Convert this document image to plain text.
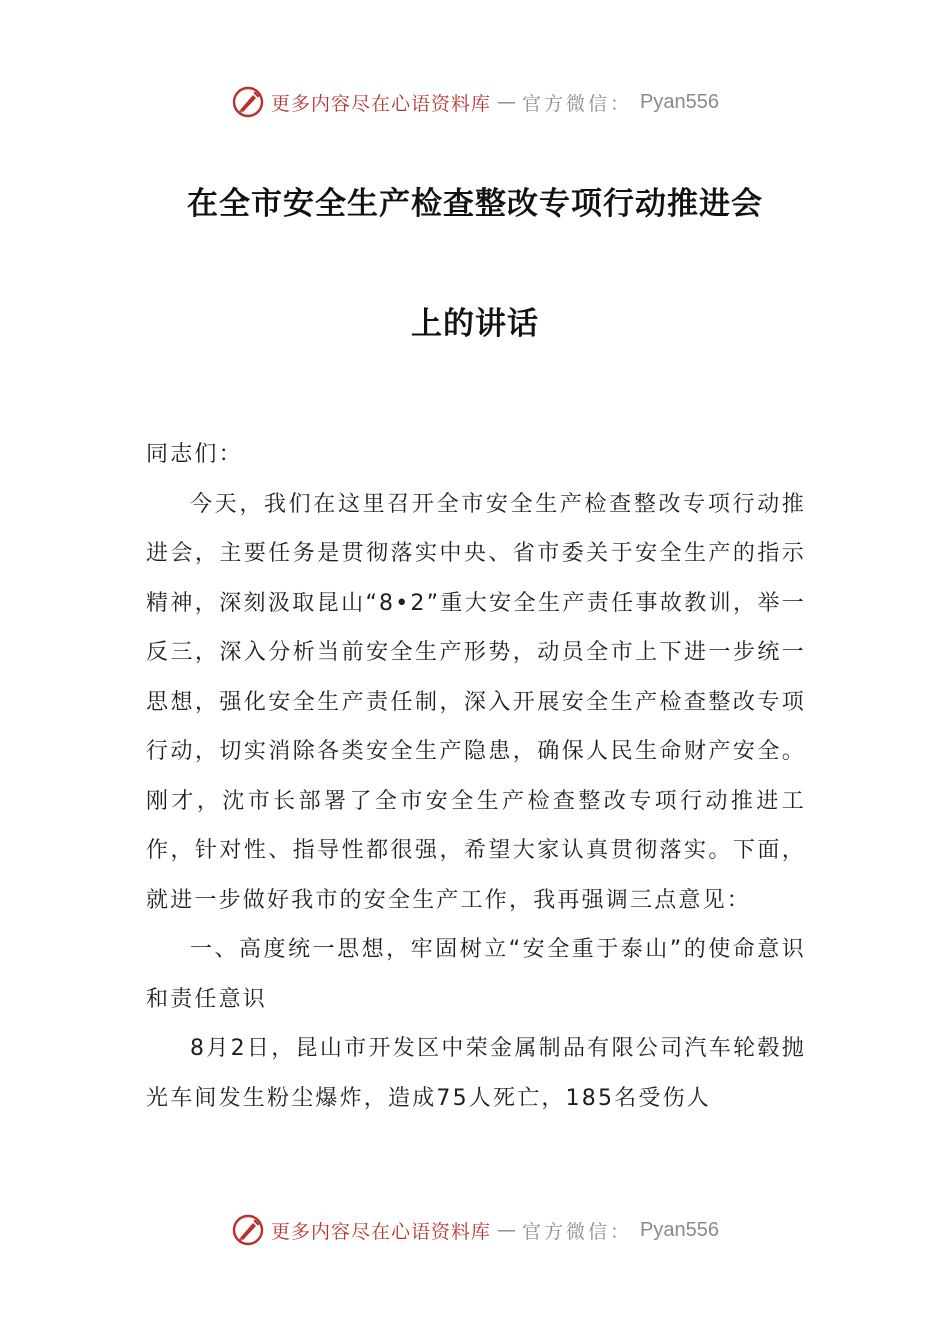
更多内容尽在心语资料库 — 官方微信： Pyan556
在全市安全生产检查整改专项行动推进会
上的讲话

同志们：

今天，我们在这里召开全市安全生产检查整改专项行动推进会，主要任务是贯彻落实中央、省市委关于安全生产的指示精神，深刻汲取昆山“8•2”重大安全生产责任事故教训，举一反三，深入分析当前安全生产形势，动员全市上下进一步统一思想，强化安全生产责任制，深入开展安全生产检查整改专项行动，切实消除各类安全生产隐患，确保人民生命财产安全。刚才，沈市长部署了全市安全生产检查整改专项行动推进工作，针对性、指导性都很强，希望大家认真贯彻落实。下面，就进一步做好我市的安全生产工作，我再强调三点意见：

一、高度统一思想，牢固树立“安全重于泰山”的使命意识和责任意识

8月2日，昆山市开发区中荣金属制品有限公司汽车轮毂抛光车间发生粉尘爆炸，造成75人死亡，185名受伤人

更多内容尽在心语资料库 — 官方微信： Pyan556
